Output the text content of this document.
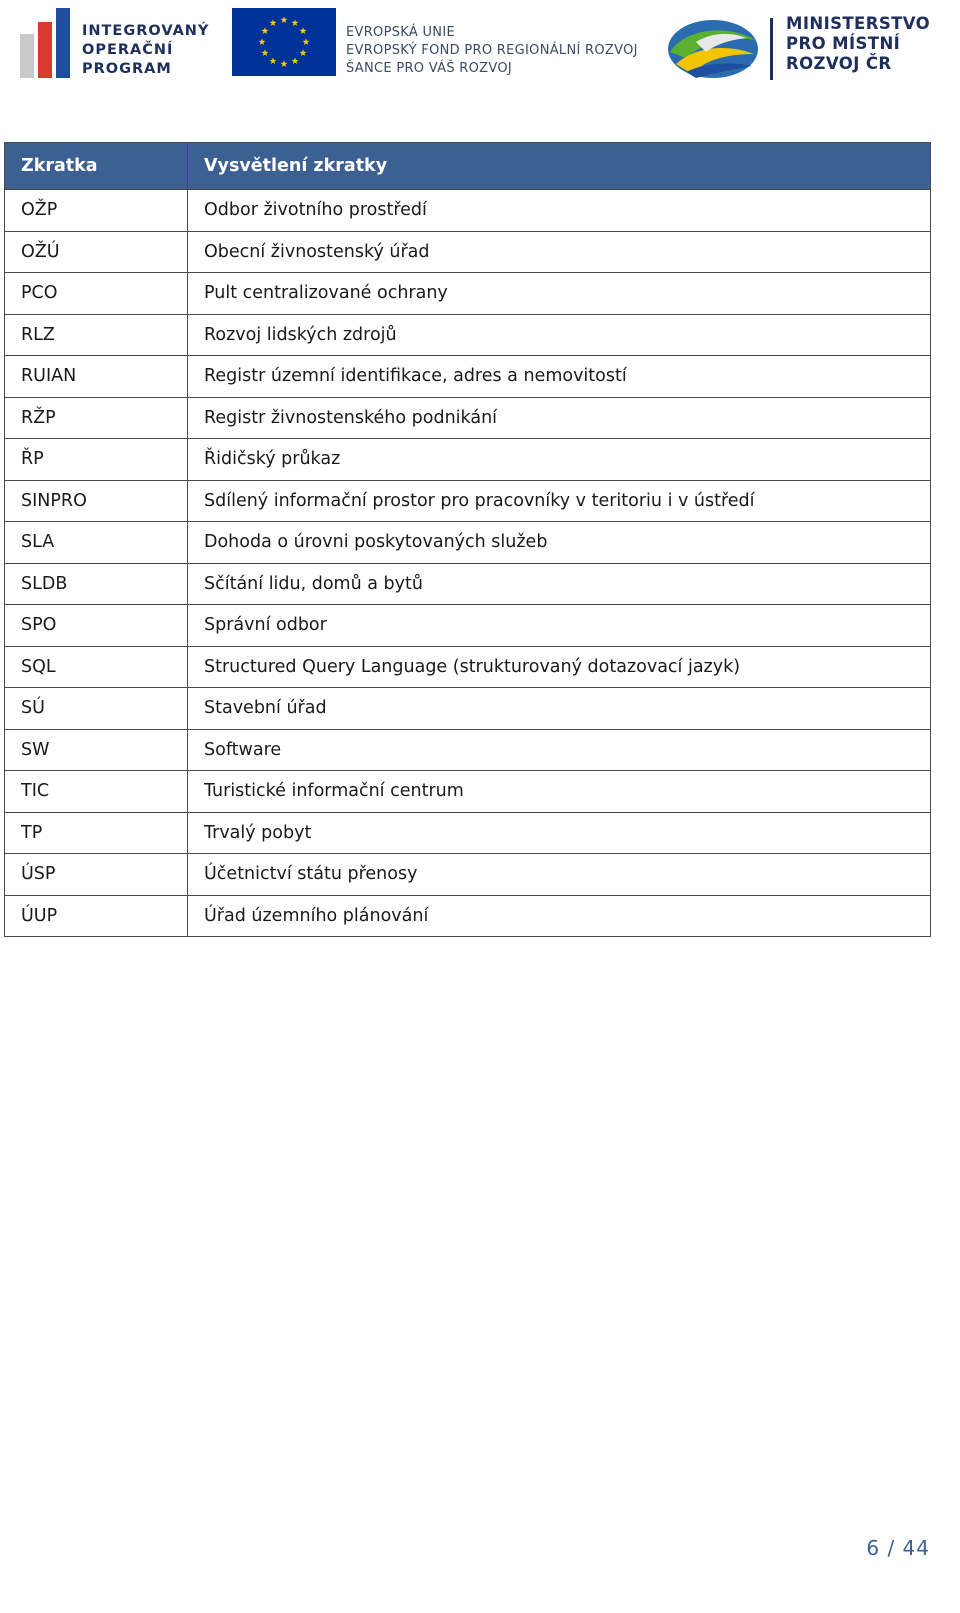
INTEGROVANÝ
OPERAČNÍ
PROGRAM
EVROPSKÁ UNIE
EVROPSKÝ FOND PRO REGIONÁLNÍ ROZVOJ
ŠANCE PRO VÁŠ ROZVOJ
MINISTERSTVO
PRO MÍSTNÍ
ROZVOJ ČR
Zkratka	Vysvětlení zkratky
OŽP	Odbor životního prostředí
OŽÚ	Obecní živnostenský úřad
PCO	Pult centralizované ochrany
RLZ	Rozvoj lidských zdrojů
RUIAN	Registr územní identifikace, adres a nemovitostí
RŽP	Registr živnostenského podnikání
ŘP	Řidičský průkaz
SINPRO	Sdílený informační prostor pro pracovníky v teritoriu i v ústředí
SLA	Dohoda o úrovni poskytovaných služeb
SLDB	Sčítání lidu, domů a bytů
SPO	Správní odbor
SQL	Structured Query Language (strukturovaný dotazovací jazyk)
SÚ	Stavební úřad
SW	Software
TIC	Turistické informační centrum
TP	Trvalý pobyt
ÚSP	Účetnictví státu přenosy
ÚUP	Úřad územního plánování
6 / 44
